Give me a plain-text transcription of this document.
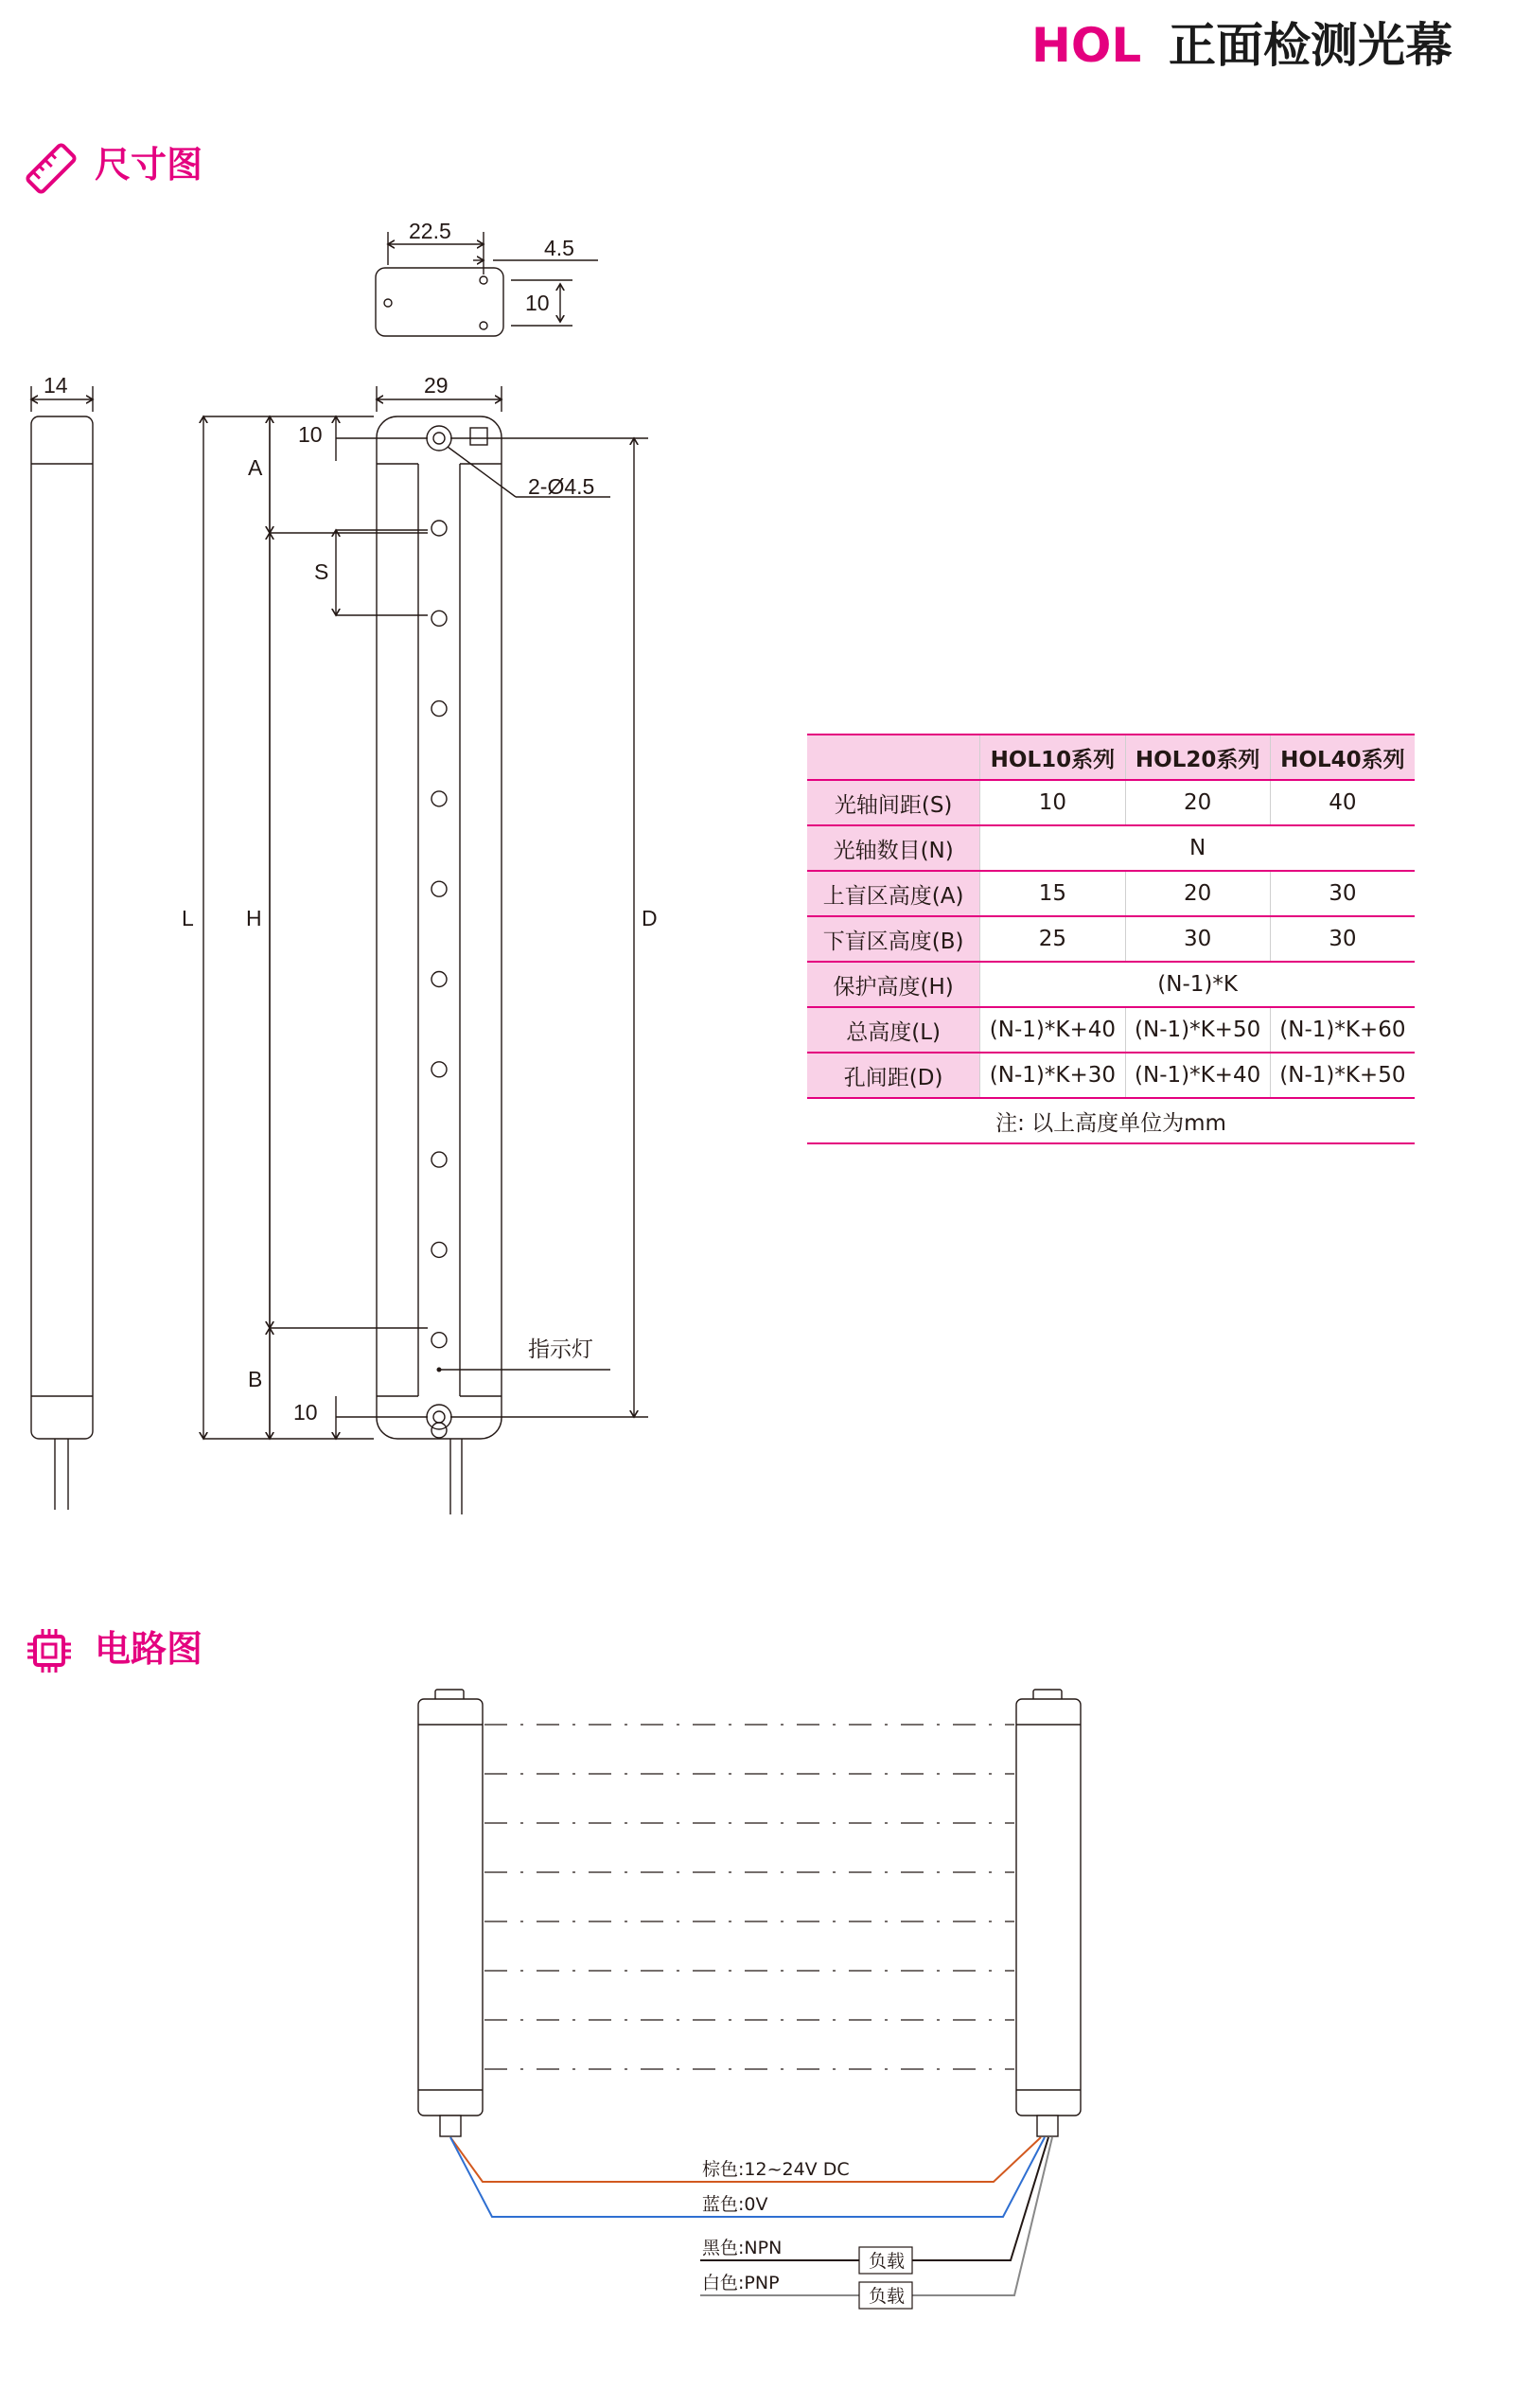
HOL 正面检测光幕
尺寸图
22.5
4.5
10
14	29
10
10
2-Ø4.5
A
S
H
B
L	D
指示灯
	HOL10系列	HOL20系列	HOL40系列
光轴间距(S)	10	20	40
光轴数目(N)	N		
上盲区高度(A)	15	20	30
下盲区高度(B)	25	30	30
保护高度(H)	(N-1)*K		
总高度(L)	(N-1)*K+40	(N-1)*K+50	(N-1)*K+60
孔间距(D)	(N-1)*K+30	(N-1)*K+40	(N-1)*K+50
注: 以上高度单位为mm			
电路图
棕色:12~24V DC
蓝色:0V
黑色:NPN
白色:PNP
负载
负载
